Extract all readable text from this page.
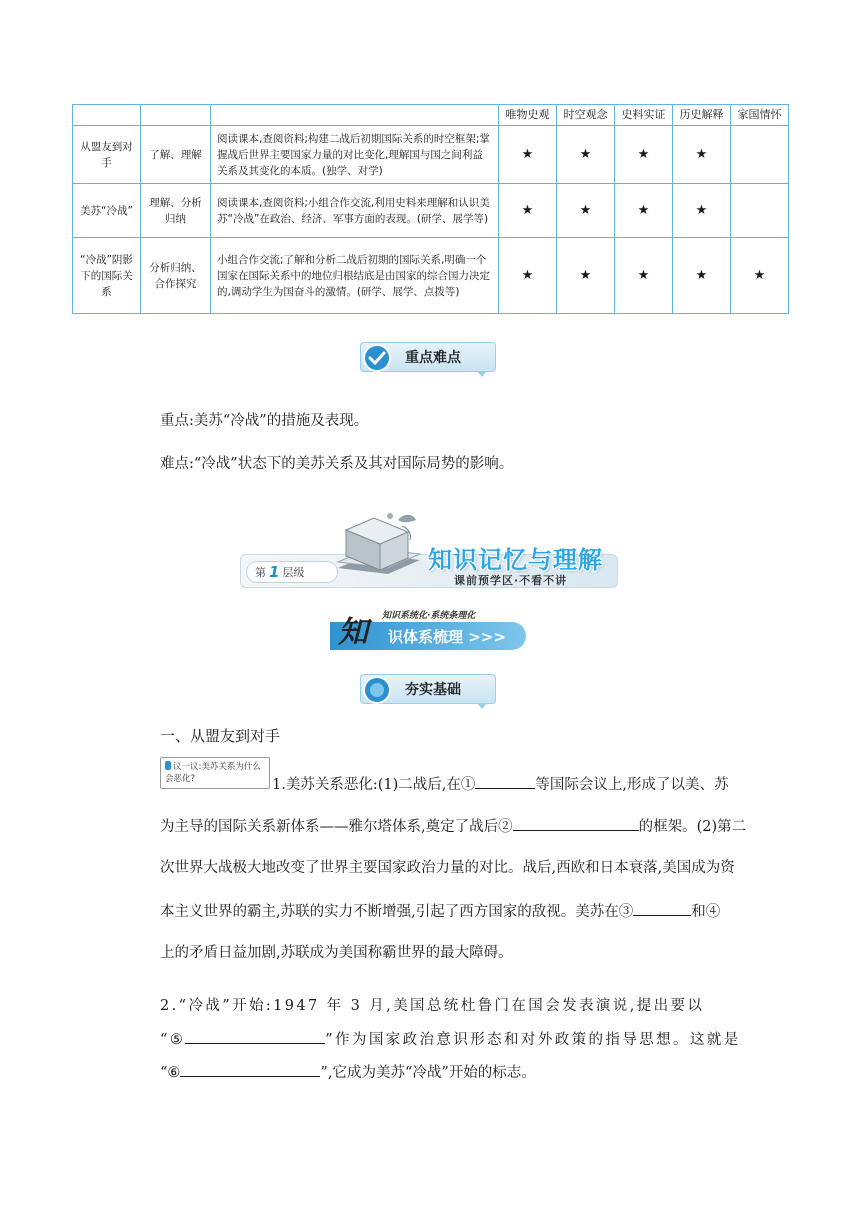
			唯物史观	时空观念	史料实证	历史解释	家国情怀
从盟友到对手	了解、理解	阅读课本,查阅资料;构建二战后初期国际关系的时空框架;掌握战后世界主要国家力量的对比变化,理解国与国之间利益关系及其变化的本质。(独学、对学)	★	★	★	★	
美苏“冷战”	理解、分析归纳	阅读课本,查阅资料;小组合作交流,利用史料来理解和认识美苏“冷战”在政治、经济、军事方面的表现。(研学、展学等)	★	★	★	★	
“冷战”阴影下的国际关系	分析归纳、合作探究	小组合作交流;了解和分析二战后初期的国际关系,明确一个国家在国际关系中的地位归根结底是由国家的综合国力决定的,调动学生为国奋斗的激情。(研学、展学、点拨等)	★	★	★	★	★
重点难点
重点:美苏“冷战”的措施及表现。
难点:“冷战”状态下的美苏关系及其对国际局势的影响。
第 1 层级	知识记忆与理解
课前预学区·不看不讲
知识系统化·系统条理化
识体系梳理 >>>
知
夯实基础
一、从盟友到对手
议一议:美苏关系为什么会恶化?	1.美苏关系恶化:(1)二战后,在①	等国际会议上,形成了以美、苏
为主导的国际关系新体系——雅尔塔体系,奠定了战后②	的框架。(2)第二
次世界大战极大地改变了世界主要国家政治力量的对比。战后,西欧和日本衰落,美国成为资
本主义世界的霸主,苏联的实力不断增强,引起了西方国家的敌视。美苏在③	和④
上的矛盾日益加剧,苏联成为美国称霸世界的最大障碍。
2.“冷战”开始:1947 年 3 月,美国总统杜鲁门在国会发表演说,提出要以
“⑤	”作为国家政治意识形态和对外政策的指导思想。这就是
“⑥	”,它成为美苏“冷战”开始的标志。
